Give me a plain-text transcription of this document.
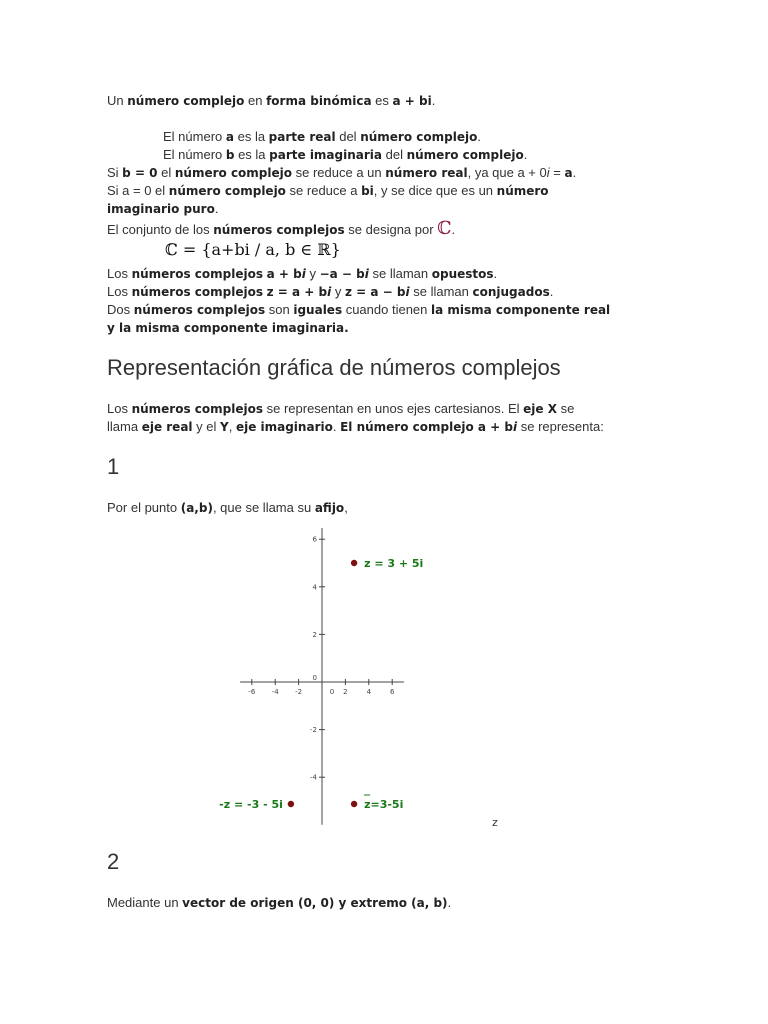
Un número complejo en forma binómica es a + bi.
El número a es la parte real del número complejo.
El número b es la parte imaginaria del número complejo.
Si b = 0 el número complejo se reduce a un número real, ya que a + 0i = a.
Si a = 0 el número complejo se reduce a bi, y se dice que es un número
imaginario puro.
El conjunto de los números complejos se designa por ℂ.
ℂ = {a+bi / a, b ∈ ℝ}
Los números complejos a + bi y −a − bi se llaman opuestos.
Los números complejos z = a + bi y z = a − bi se llaman conjugados.
Dos números complejos son iguales cuando tienen la misma componente real
y la misma componente imaginaria.
Representación gráfica de números complejos
Los números complejos se representan en unos ejes cartesianos. El eje X se
llama eje real y el Y, eje imaginario. El número complejo a + bi se representa:
1
Por el punto (a,b), que se llama su afijo,
-6 -4 -2	0 2	4	6
-4
-2
0
2
4
6
z = 3 + 5i
-z = -3 - 5i	z=3-5i
z
2
Mediante un vector de origen (0, 0) y extremo (a, b).
